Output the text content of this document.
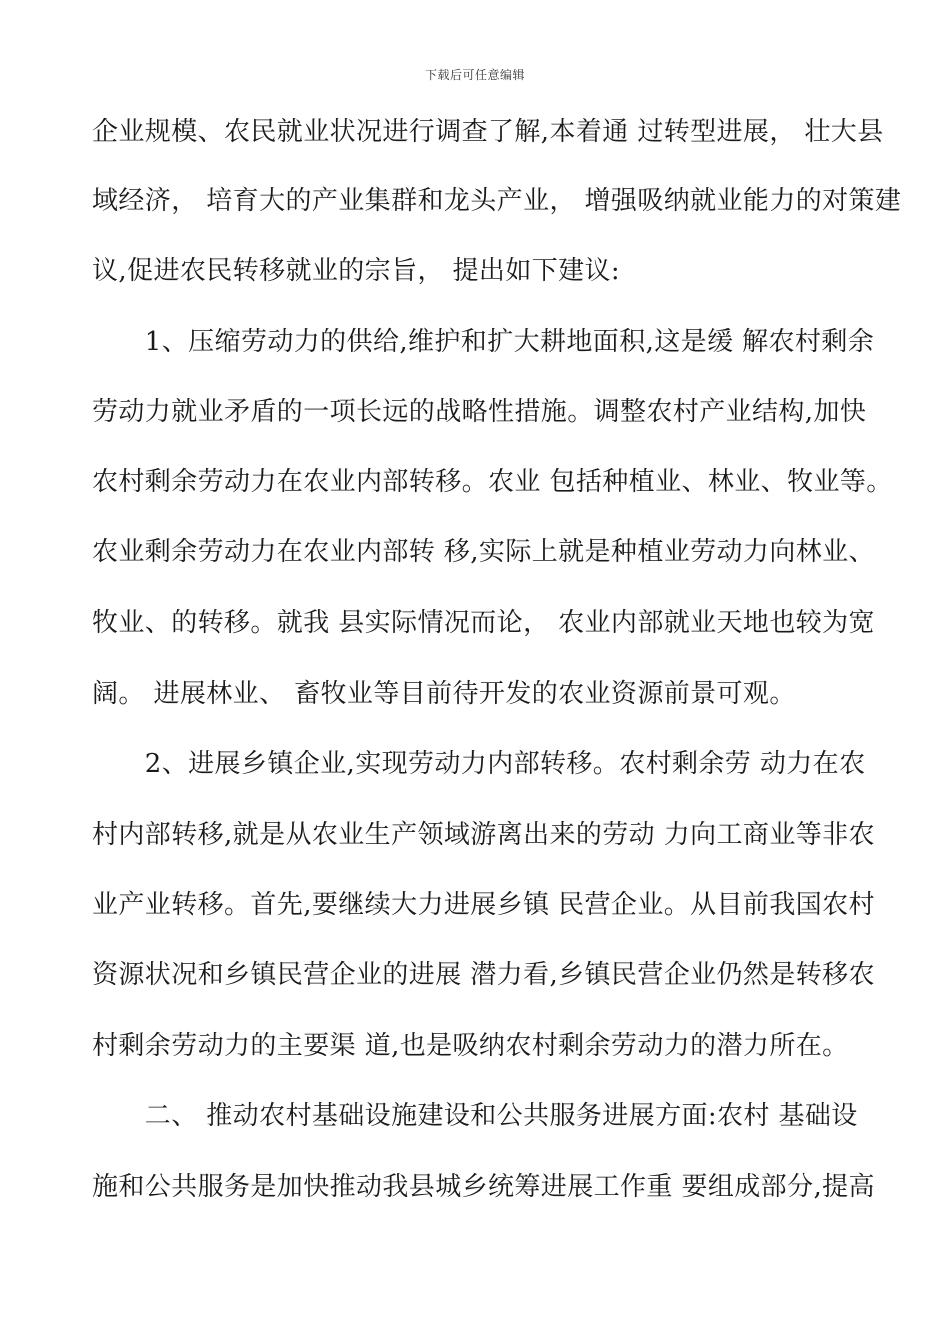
下载后可任意编辑
企业规模、农民就业状况进行调查了解,本着通 过转型进展， 壮大县
域经济， 培育大的产业集群和龙头产业， 增强吸纳就业能力的对策建
议,促进农民转移就业的宗旨， 提出如下建议:
　　1、压缩劳动力的供给,维护和扩大耕地面积,这是缓 解农村剩余
劳动力就业矛盾的一项长远的战略性措施。调整农村产业结构,加快
农村剩余劳动力在农业内部转移。农业 包括种植业、林业、牧业等。
农业剩余劳动力在农业内部转 移,实际上就是种植业劳动力向林业、
牧业、的转移。就我 县实际情况而论， 农业内部就业天地也较为宽
阔。 进展林业、 畜牧业等目前待开发的农业资源前景可观。
　　2、进展乡镇企业,实现劳动力内部转移。农村剩余劳 动力在农
村内部转移,就是从农业生产领域游离出来的劳动 力向工商业等非农
业产业转移。首先,要继续大力进展乡镇 民营企业。从目前我国农村
资源状况和乡镇民营企业的进展 潜力看,乡镇民营企业仍然是转移农
村剩余劳动力的主要渠 道,也是吸纳农村剩余劳动力的潜力所在。
　　二、 推动农村基础设施建设和公共服务进展方面:农村 基础设
施和公共服务是加快推动我县城乡统筹进展工作重 要组成部分,提高
